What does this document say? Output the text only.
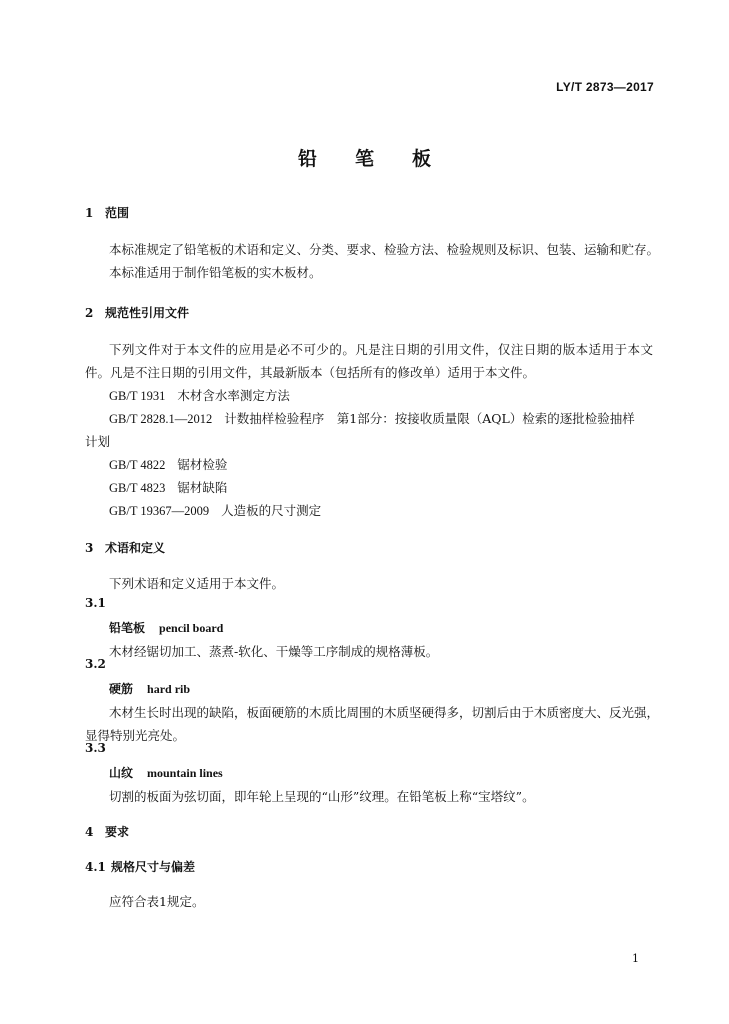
LY/T 2873—2017
铅笔板
1 范围
本标准规定了铅笔板的术语和定义、分类、要求、检验方法、检验规则及标识、包装、运输和贮存。
本标准适用于制作铅笔板的实木板材。
2 规范性引用文件
下列文件对于本文件的应用是必不可少的。凡是注日期的引用文件，仅注日期的版本适用于本文件。凡是不注日期的引用文件，其最新版本（包括所有的修改单）适用于本文件。
GB/T 1931 木材含水率测定方法
GB/T 2828.1—2012 计数抽样检验程序　第1部分：按接收质量限（AQL）检索的逐批检验抽样
计划
GB/T 4822 锯材检验
GB/T 4823 锯材缺陷
GB/T 19367—2009 人造板的尺寸测定
3 术语和定义
下列术语和定义适用于本文件。
3.1
铅笔板 pencil board
木材经锯切加工、蒸煮-软化、干燥等工序制成的规格薄板。
3.2
硬筋 hard rib
木材生长时出现的缺陷，板面硬筋的木质比周围的木质坚硬得多，切割后由于木质密度大、反光强，
显得特别光亮处。
3.3
山纹 mountain lines
切割的板面为弦切面，即年轮上呈现的“山形”纹理。在铅笔板上称“宝塔纹”。
4 要求
4.1 规格尺寸与偏差
应符合表1规定。
1
